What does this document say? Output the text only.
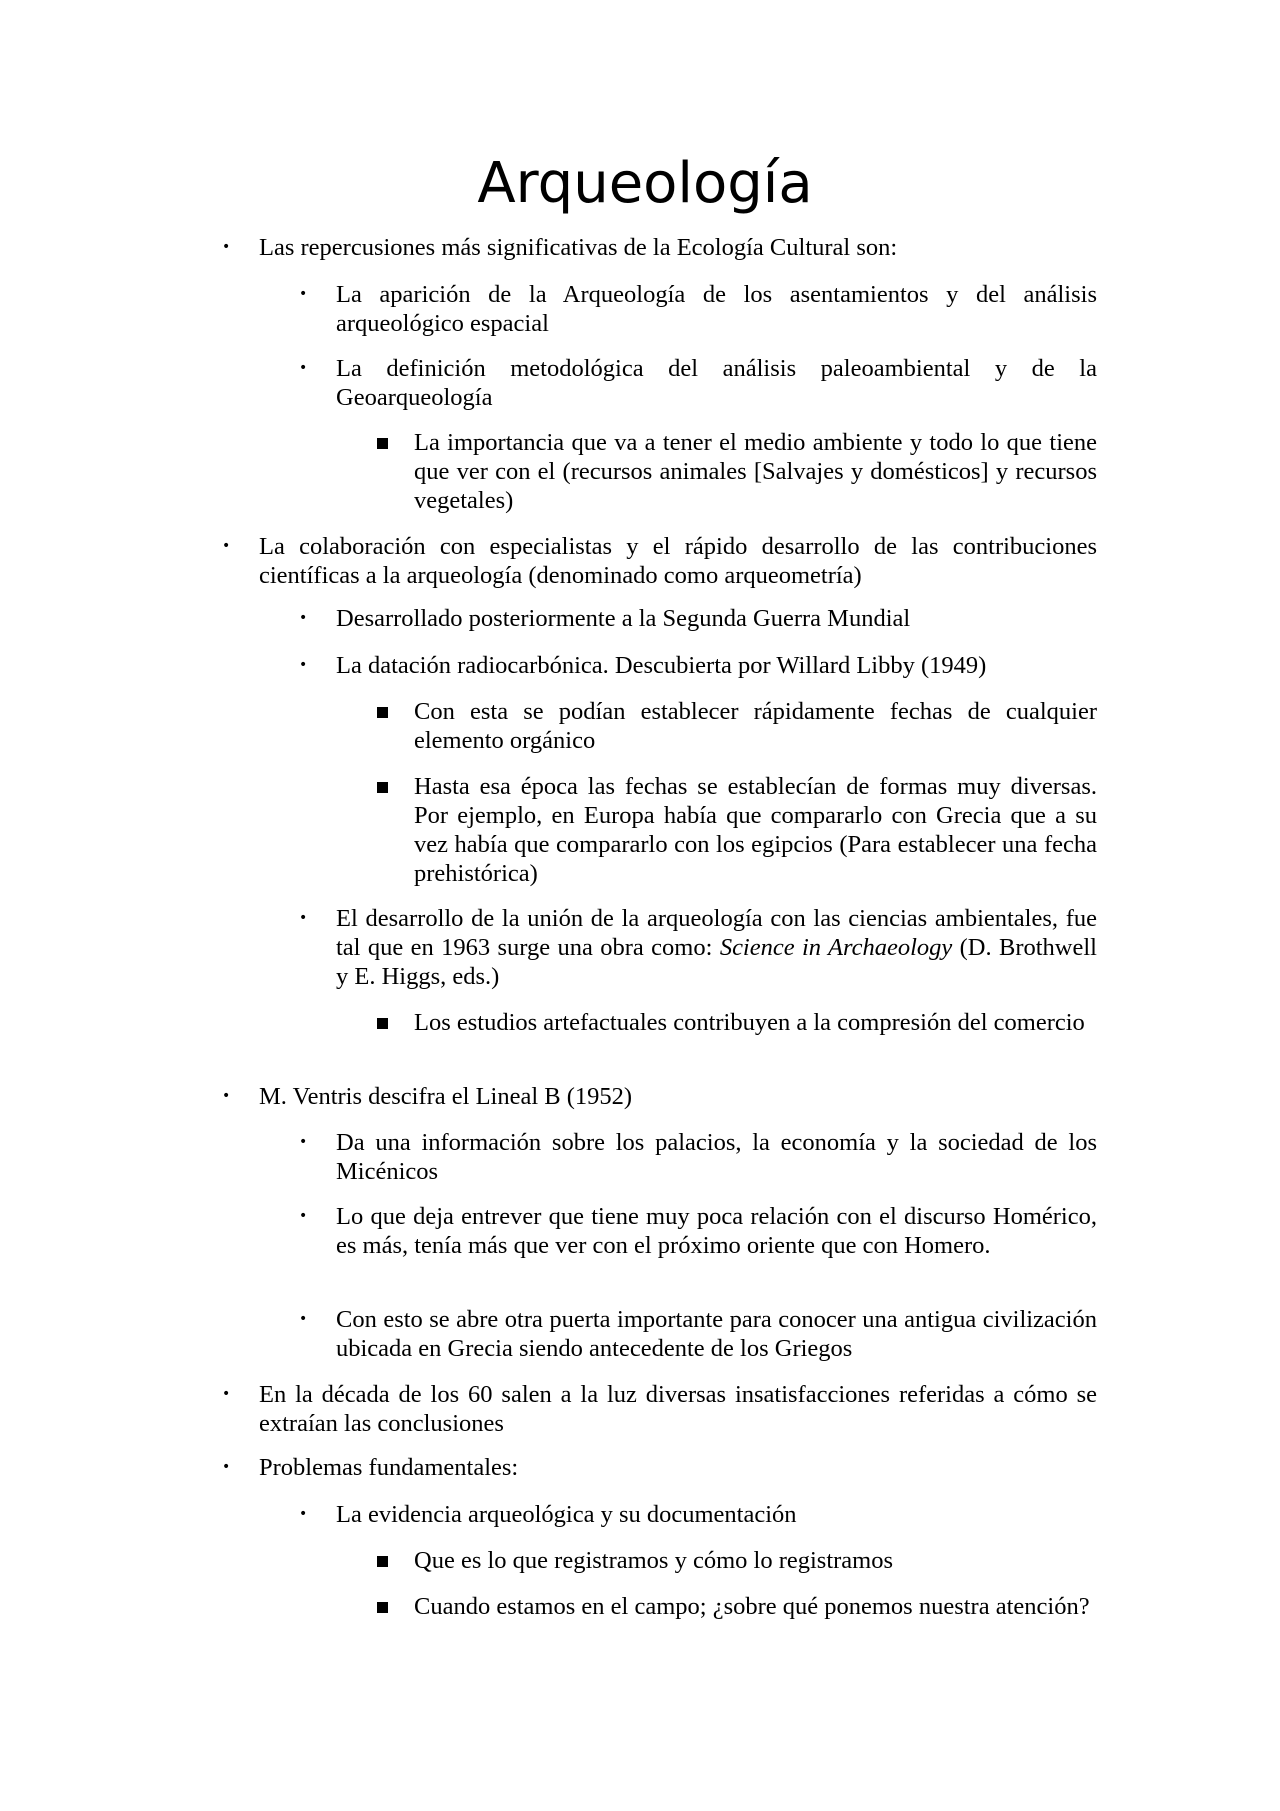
Arqueología
• Las repercusiones más significativas de la Ecología Cultural son:
• La aparición de la Arqueología de los asentamientos y del análisis arqueológico espacial
• La definición metodológica del análisis paleoambiental y de la Geoarqueología
La importancia que va a tener el medio ambiente y todo lo que tiene que ver con el (recursos animales [Salvajes y domésticos] y recursos vegetales)
• La colaboración con especialistas y el rápido desarrollo de las contribuciones científicas a la arqueología (denominado como arqueometría)
• Desarrollado posteriormente a la Segunda Guerra Mundial
• La datación radiocarbónica. Descubierta por Willard Libby (1949)
Con esta se podían establecer rápidamente fechas de cualquier elemento orgánico
Hasta esa época las fechas se establecían de formas muy diversas. Por ejemplo, en Europa había que compararlo con Grecia que a su vez había que compararlo con los egipcios (Para establecer una fecha prehistórica)
• El desarrollo de la unión de la arqueología con las ciencias ambientales, fue tal que en 1963 surge una obra como: Science in Archaeology (D. Brothwell y E. Higgs, eds.)
Los estudios artefactuales contribuyen a la compresión del comercio
• M. Ventris descifra el Lineal B (1952)
• Da una información sobre los palacios, la economía y la sociedad de los Micénicos
• Lo que deja entrever que tiene muy poca relación con el discurso Homérico, es más, tenía más que ver con el próximo oriente que con Homero.
• Con esto se abre otra puerta importante para conocer una antigua civilización ubicada en Grecia siendo antecedente de los Griegos
• En la década de los 60 salen a la luz diversas insatisfacciones referidas a cómo se extraían las conclusiones
• Problemas fundamentales:
• La evidencia arqueológica y su documentación
Que es lo que registramos y cómo lo registramos
Cuando estamos en el campo; ¿sobre qué ponemos nuestra atención?
